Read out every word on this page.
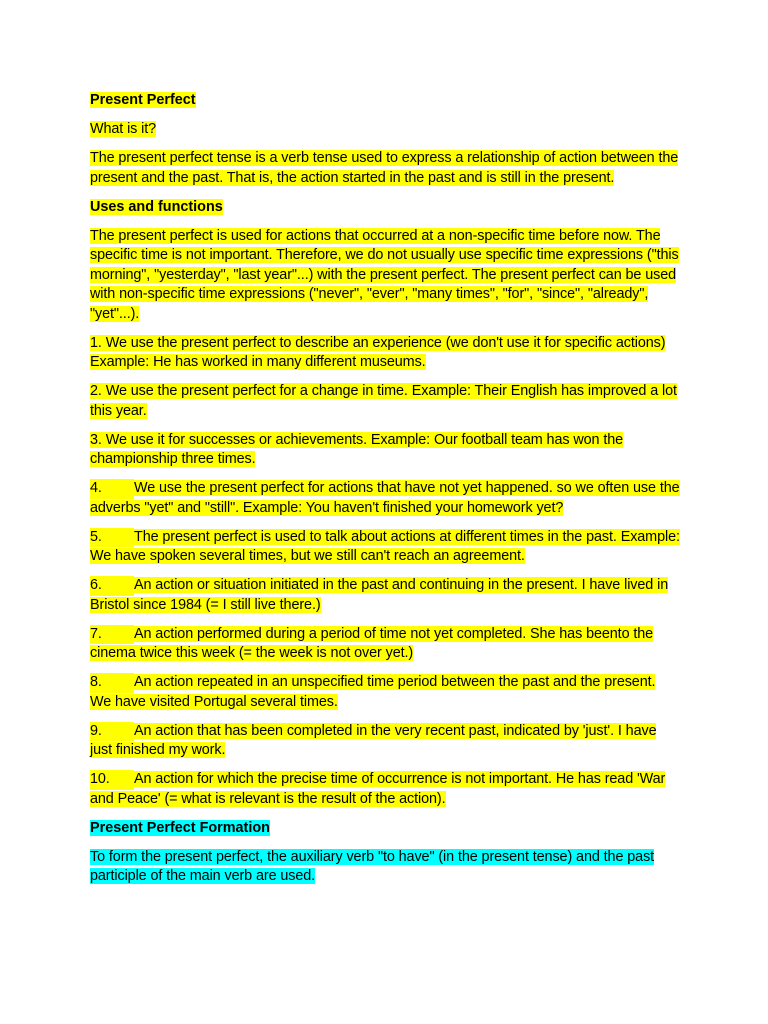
Present Perfect

What is it?

The present perfect tense is a verb tense used to express a relationship of action between the present and the past. That is, the action started in the past and is still in the present.

Uses and functions

The present perfect is used for actions that occurred at a non-specific time before now. The specific time is not important. Therefore, we do not usually use specific time expressions ("this morning", "yesterday", "last year"...) with the present perfect. The present perfect can be used with non-specific time expressions ("never", "ever", "many times", "for", "since", "already", "yet"...).

1. We use the present perfect to describe an experience (we don't use it for specific actions) Example: He has worked in many different museums.

2. We use the present perfect for a change in time. Example: Their English has improved a lot this year.

3. We use it for successes or achievements. Example: Our football team has won the championship three times.

4. We use the present perfect for actions that have not yet happened. so we often use the adverbs "yet" and "still". Example: You haven't finished your homework yet?

5. The present perfect is used to talk about actions at different times in the past. Example: We have spoken several times, but we still can't reach an agreement.

6. An action or situation initiated in the past and continuing in the present. I have lived in Bristol since 1984 (= I still live there.)

7. An action performed during a period of time not yet completed. She has beento the cinema twice this week (= the week is not over yet.)

8. An action repeated in an unspecified time period between the past and the present. We have visited Portugal several times.

9. An action that has been completed in the very recent past, indicated by 'just'. I have just finished my work.

10. An action for which the precise time of occurrence is not important. He has read 'War and Peace' (= what is relevant is the result of the action).

Present Perfect Formation

To form the present perfect, the auxiliary verb "to have" (in the present tense) and the past participle of the main verb are used.
